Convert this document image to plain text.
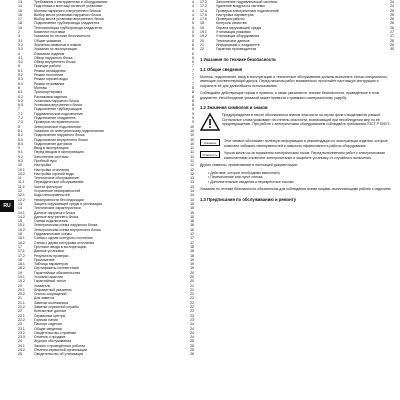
RU
13	Требования к инструментам и оборудованию	4
14	Подготовка к монтажу на месте установки	4
15	Монтаж наружного и внутреннего блоков	4
16	Выбор места установки наружного блока	4
17	Выбор места установки внутреннего блока	4
18	Подключение трубопровода хладагента	5
19	Теплоизоляция трубопровода хладагента	5
2	Комплект поставки	5
3	Указания по технике безопасности	5
3.1	Общие указания	5
3.2	Значения символов и знаков	6
3.3	Указания по эксплуатации	6
4	Описание изделия	6
4.1	Обзор наружного блока	6
4.2	Обзор внутреннего блока	6
5	Принцип работы	7
5.1	Режим охлаждения	7
5.2	Режим отопления	7
5.3	Режим горячей воды	7
5.4	Режим оттаивания	7
6	Монтаж	8
6.1	Транспортировка	8
6.2	Распаковка изделия	8
6.3	Установка наружного блока	8
6.4	Установка внутреннего блока	8
7	Подключение трубопроводов	9
7.1	Гидравлическое подключение	9
7.2	Подключение хладагента	9
7.3	Проверка на герметичность	9
8	Электрическое подключение	10
8.1	Указания по электрическому подключению	10
8.2	Подключение наружного блока	10
8.3	Подключение внутреннего блока	10
8.4	Подключение датчиков	10
9	Ввод в эксплуатацию	11
9.1	Перед вводом в эксплуатацию	11
9.2	Заполнение системы	11
9.3	Пробный пуск	11
10	Настройки	12
10.1	Настройки отопления	12
10.2	Настройки горячей воды	12
11	Техническое обслуживание	13
11.1	Периодическое обслуживание	13
11.2	Чистка фильтров	13
12	Устранение неисправностей	14
12.1	Коды неисправностей	14
12.2	Неисправности без индикации	14
13	Защита окружающей среды и утилизация	15
14	Технические характеристики	15
14.1	Данные наружного блока	15
14.2	Данные внутреннего блока	15
15	Схемы подключения	16
15.1	Электрическая схема наружного блока	16
15.2	Электрическая схема внутреннего блока	16
16	Гидравлические схемы	17
16.1	Схема с одним контуром отопления	17
16.2	Схема с двумя контурами отопления	17
17	Протокол ввода в эксплуатацию	18
17.1	Данные установки	18
17.2	Результаты проверки	18
18	Приложение	19
18.1	Таблица параметров	19
18.2	Сертификаты соответствия	19
19	Гарантийные обязательства	20
19.1	Условия гарантии	20
19.2	Гарантийный талон	20
20	Указатель	21
20.1	Алфавитный указатель	21
20.2	Список сокращений	21
21	Для заметок	22
21.1	Заметки монтажника	22
21.2	Заметки сервисной службы	22
22	Контактные данные	23
22.1	Сервисные центры	23
22.2	Горячая линия	23
23	Паспорт изделия	24
23.1	Общие сведения	24
23.2	Свидетельство о приёмке	24
23.3	Отметка о продаже	24
24	Журнал обслуживания	25
24.1	Записи о проведённых работах	25
24.2	Отметки сервисной организации	25
25	Свидетельство об утилизации	26
17.2	Заполнение гидравлической системы	24
17.3	Удаление воздуха из системы	24
17.4	Проверка электрических подключений	25
17.5	Настройка параметров	25
17.6	Проверка работы	26
18	Контроль качества	26
19	Охрана окружающей среды	26
19.1	Утилизация упаковки	27
19.2	Утилизация оборудования	27
20	Технические данные	28
21	Информация о хладагенте	29
22	Гарантия производителя	30
1 Указания по технике безопасности
1.1 Общие сведения
Монтаж, подключение, ввод в эксплуатацию и техническое обслуживание должны выполнять только специалисты, имеющие соответствующий допуск. Перед началом работ внимательно прочитайте настоящую инструкцию и сохраните её для дальнейшего использования.
Соблюдайте действующие нормы и правила, а также указания по технике безопасности, приведённые в этом документе. Несоблюдение указаний может привести к травмам и материальному ущербу.
1.2 Значения символов и знаков
Предупреждения в тексте обозначаются знаком опасности на сером фоне и выделяются рамкой. Сигнальные слова указывают на степень опасности, возникающей при несоблюдении мер по её предотвращению. При работе с электрическим оборудованием соблюдайте требования ГОСТ Р 50571.
Указание	Этот символ обозначает полезную информацию и рекомендации по эксплуатации изделия, которые помогают избежать неисправностей и повысить эффективность работы оборудования.
Опасность	Угроза жизни из-за поражения электрическим током. Перед выполнением работ с электрическими компонентами отключите электропитание и защитите установку от случайного включения.
Другие символы, применяемые в настоящей документации:
• Действие, которое необходимо выполнить;
• Перечисление или пункт списка;
• Дополнительные сведения и перекрёстные ссылки.
Указания по технике безопасности обязательны для соблюдения всеми лицами, выполняющими работы с изделием.
1.3 Предписания по обслуживанию и ремонту
